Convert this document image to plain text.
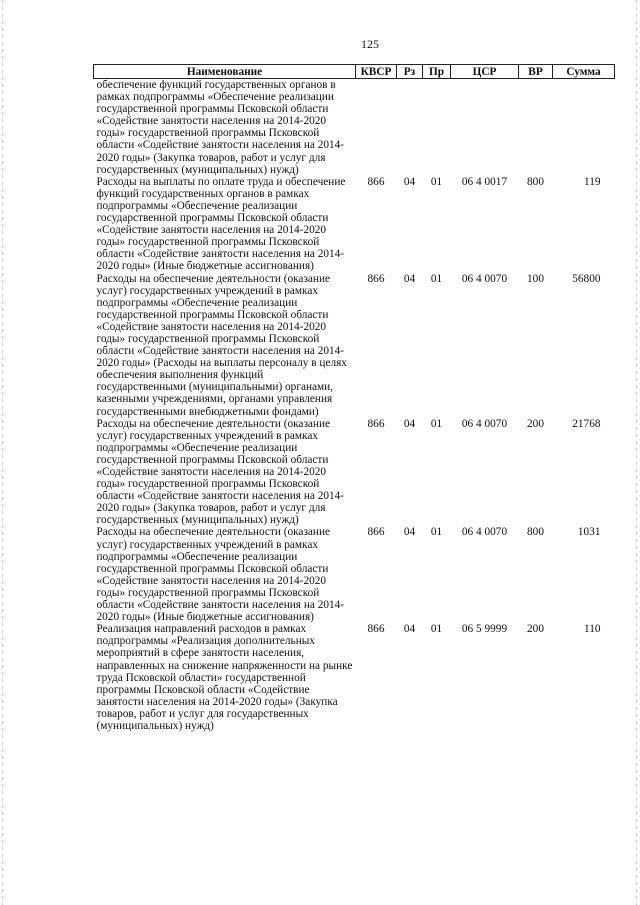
125
Наименование	КВСР	Рз	Пр	ЦСР	ВР	Сумма
обеспечение функций государственных органов в рамках подпрограммы «Обеспечение реализации государственной программы Псковской области «Содействие занятости населения на 2014-2020 годы» государственной программы Псковской области «Содействие занятости населения на 2014-2020 годы» (Закупка товаров, работ и услуг для государственных (муниципальных) нужд)						
Расходы на выплаты по оплате труда и обеспечение функций государственных органов в рамках подпрограммы «Обеспечение реализации государственной программы Псковской области «Содействие занятости населения на 2014-2020 годы» государственной программы Псковской области «Содействие занятости населения на 2014-2020 годы» (Иные бюджетные ассигнования)	866	04	01	06 4 0017	800	119
Расходы на обеспечение деятельности (оказание услуг) государственных учреждений в рамках подпрограммы «Обеспечение реализации государственной программы Псковской области «Содействие занятости населения на 2014-2020 годы» государственной программы Псковской области «Содействие занятости населения на 2014-2020 годы» (Расходы на выплаты персоналу в целях обеспечения выполнения функций государственными (муниципальными) органами, казенными учреждениями, органами управления государственными внебюджетными фондами)	866	04	01	06 4 0070	100	56800
Расходы на обеспечение деятельности (оказание услуг) государственных учреждений в рамках подпрограммы «Обеспечение реализации государственной программы Псковской области «Содействие занятости населения на 2014-2020 годы» государственной программы Псковской области «Содействие занятости населения на 2014-2020 годы» (Закупка товаров, работ и услуг для государственных (муниципальных) нужд)	866	04	01	06 4 0070	200	21768
Расходы на обеспечение деятельности (оказание услуг) государственных учреждений в рамках подпрограммы «Обеспечение реализации государственной программы Псковской области «Содействие занятости населения на 2014-2020 годы» государственной программы Псковской области «Содействие занятости населения на 2014-2020 годы» (Иные бюджетные ассигнования)	866	04	01	06 4 0070	800	1031
Реализация направлений расходов в рамках подпрограммы «Реализация дополнительных мероприятий в сфере занятости населения, направленных на снижение напряженности на рынке труда Псковской области» государственной программы Псковской области «Содействие занятости населения на 2014-2020 годы» (Закупка товаров, работ и услуг для государственных (муниципальных) нужд)	866	04	01	06 5 9999	200	110
